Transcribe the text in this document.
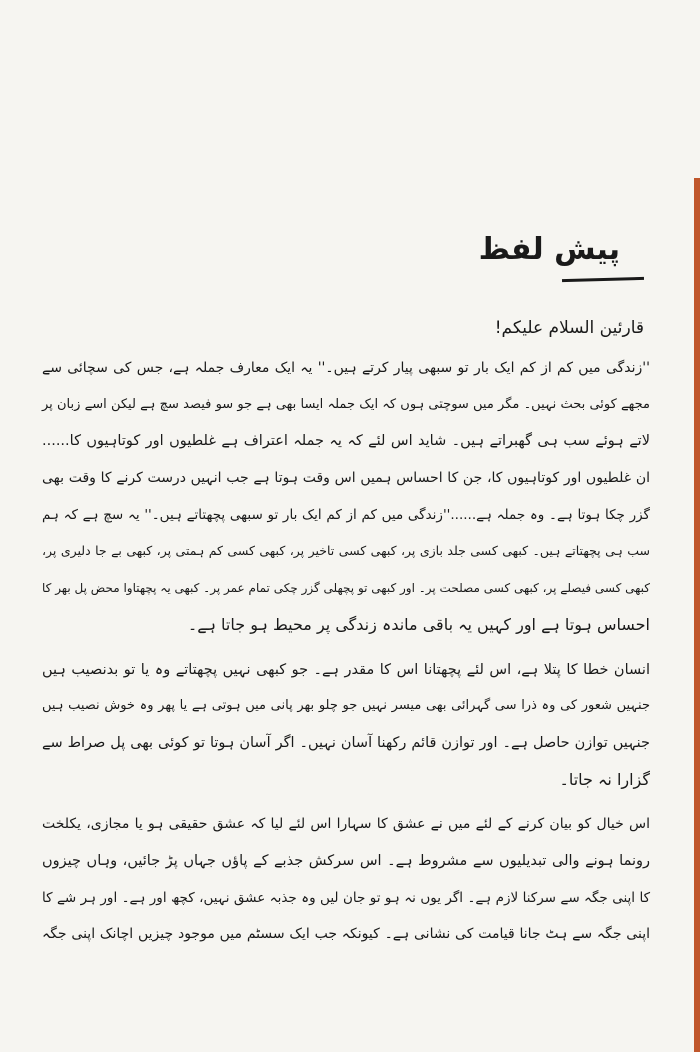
پیش لفظ
قارئین السلام علیکم!
''زندگی میں کم از کم ایک بار تو سبھی پیار کرتے ہیں۔'' یہ ایک معارف جملہ ہے، جس کی سچائی سے
مجھے کوئی بحث نہیں۔ مگر میں سوچتی ہوں کہ ایک جملہ ایسا بھی ہے جو سو فیصد سچ ہے لیکن اسے زبان پر
لاتے ہوئے سب ہی گھبراتے ہیں۔ شاید اس لئے کہ یہ جملہ اعتراف ہے غلطیوں اور کوتاہیوں کا......
ان غلطیوں اور کوتاہیوں کا، جن کا احساس ہمیں اس وقت ہوتا ہے جب انہیں درست کرنے کا وقت بھی
گزر چکا ہوتا ہے۔ وہ جملہ ہے......''زندگی میں کم از کم ایک بار تو سبھی پچھتاتے ہیں۔'' یہ سچ ہے کہ ہم
سب ہی پچھتاتے ہیں۔ کبھی کسی جلد بازی پر، کبھی کسی تاخیر پر، کبھی کسی کم ہمتی پر، کبھی بے جا دلیری پر،
کبھی کسی فیصلے پر، کبھی کسی مصلحت پر۔ اور کبھی تو پچھلی گزر چکی تمام عمر پر۔ کبھی یہ پچھتاوا محض پل بھر کا
احساس ہوتا ہے اور کہیں یہ باقی ماندہ زندگی پر محیط ہو جاتا ہے۔
انسان خطا کا پتلا ہے، اس لئے پچھتانا اس کا مقدر ہے۔ جو کبھی نہیں پچھتاتے وہ یا تو بدنصیب ہیں
جنہیں شعور کی وہ ذرا سی گہرائی بھی میسر نہیں جو چلو بھر پانی میں ہوتی ہے یا پھر وہ خوش نصیب ہیں
جنہیں توازن حاصل ہے۔ اور توازن قائم رکھنا آسان نہیں۔ اگر آسان ہوتا تو کوئی بھی پل صراط سے
گزارا نہ جاتا۔
اس خیال کو بیان کرنے کے لئے میں نے عشق کا سہارا اس لئے لیا کہ عشق حقیقی ہو یا مجازی، یکلخت
رونما ہونے والی تبدیلیوں سے مشروط ہے۔ اس سرکش جذبے کے پاؤں جہاں پڑ جائیں، وہاں چیزوں
کا اپنی جگہ سے سرکنا لازم ہے۔ اگر یوں نہ ہو تو جان لیں وہ جذبہ عشق نہیں، کچھ اور ہے۔ اور ہر شے کا
اپنی جگہ سے ہٹ جانا قیامت کی نشانی ہے۔ کیونکہ جب ایک سسٹم میں موجود چیزیں اچانک اپنی جگہ
